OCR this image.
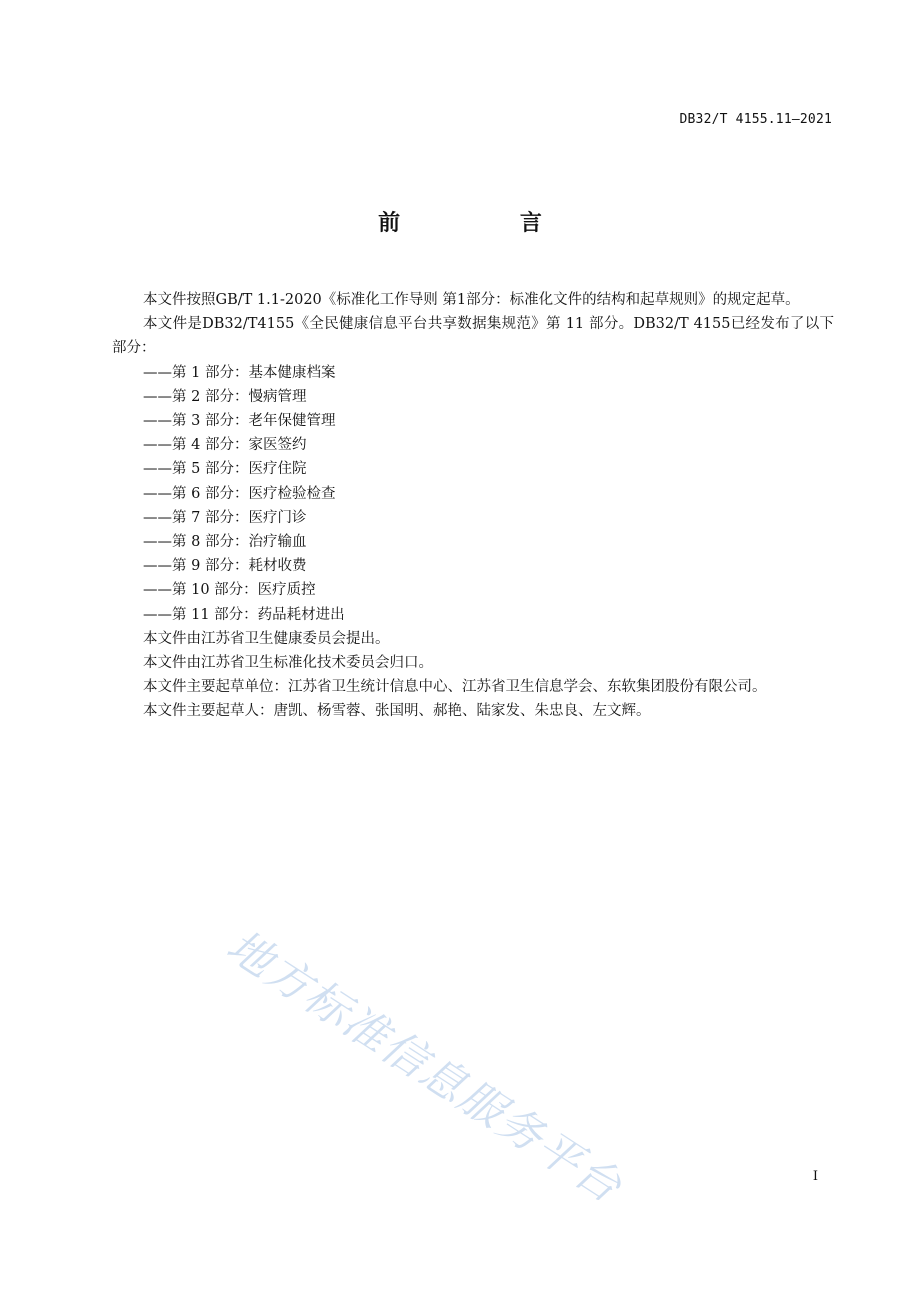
DB32/T 4155.11—2021
前 言

本文件按照GB/T 1.1-2020《标准化工作导则 第1部分：标准化文件的结构和起草规则》的规定起草。

本文件是DB32/T4155《全民健康信息平台共享数据集规范》第 11 部分。DB32/T 4155已经发布了以下部分：

——第 1 部分：基本健康档案
——第 2 部分：慢病管理
——第 3 部分：老年保健管理
——第 4 部分：家医签约
——第 5 部分：医疗住院
——第 6 部分：医疗检验检查
——第 7 部分：医疗门诊
——第 8 部分：治疗输血
——第 9 部分：耗材收费
——第 10 部分：医疗质控
——第 11 部分：药品耗材进出

本文件由江苏省卫生健康委员会提出。

本文件由江苏省卫生标准化技术委员会归口。

本文件主要起草单位：江苏省卫生统计信息中心、江苏省卫生信息学会、东软集团股份有限公司。

本文件主要起草人：唐凯、杨雪蓉、张国明、郝艳、陆家发、朱忠良、左文辉。

地方标准信息服务平台	I
